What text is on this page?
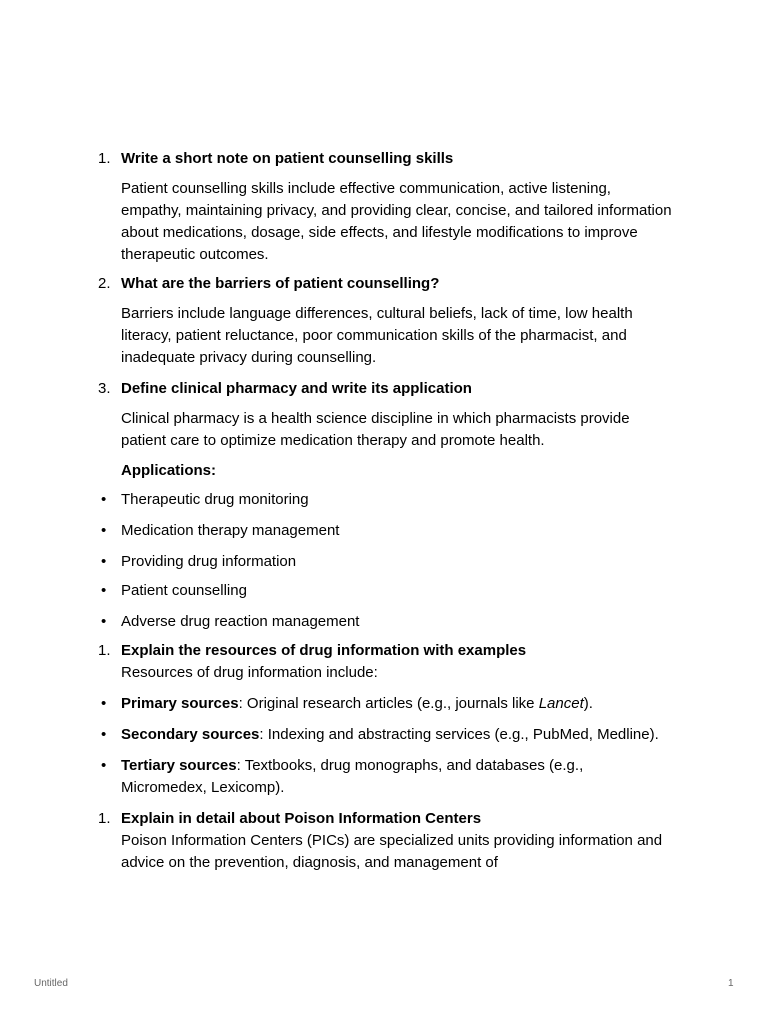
1. Write a short note on patient counselling skills

Patient counselling skills include effective communication, active listening, empathy, maintaining privacy, and providing clear, concise, and tailored information about medications, dosage, side effects, and lifestyle modifications to improve therapeutic outcomes.

2. What are the barriers of patient counselling?

Barriers include language differences, cultural beliefs, lack of time, low health literacy, patient reluctance, poor communication skills of the pharmacist, and inadequate privacy during counselling.

3. Define clinical pharmacy and write its application

Clinical pharmacy is a health science discipline in which pharmacists provide patient care to optimize medication therapy and promote health.

Applications:

• Therapeutic drug monitoring

• Medication therapy management

• Providing drug information

• Patient counselling

• Adverse drug reaction management

1. Explain the resources of drug information with examples

Resources of drug information include:

• Primary sources: Original research articles (e.g., journals like Lancet).

• Secondary sources: Indexing and abstracting services (e.g., PubMed, Medline).

• Tertiary sources: Textbooks, drug monographs, and databases (e.g., Micromedex, Lexicomp).

1. Explain in detail about Poison Information Centers

Poison Information Centers (PICs) are specialized units providing information and advice on the prevention, diagnosis, and management of

Untitled	1
